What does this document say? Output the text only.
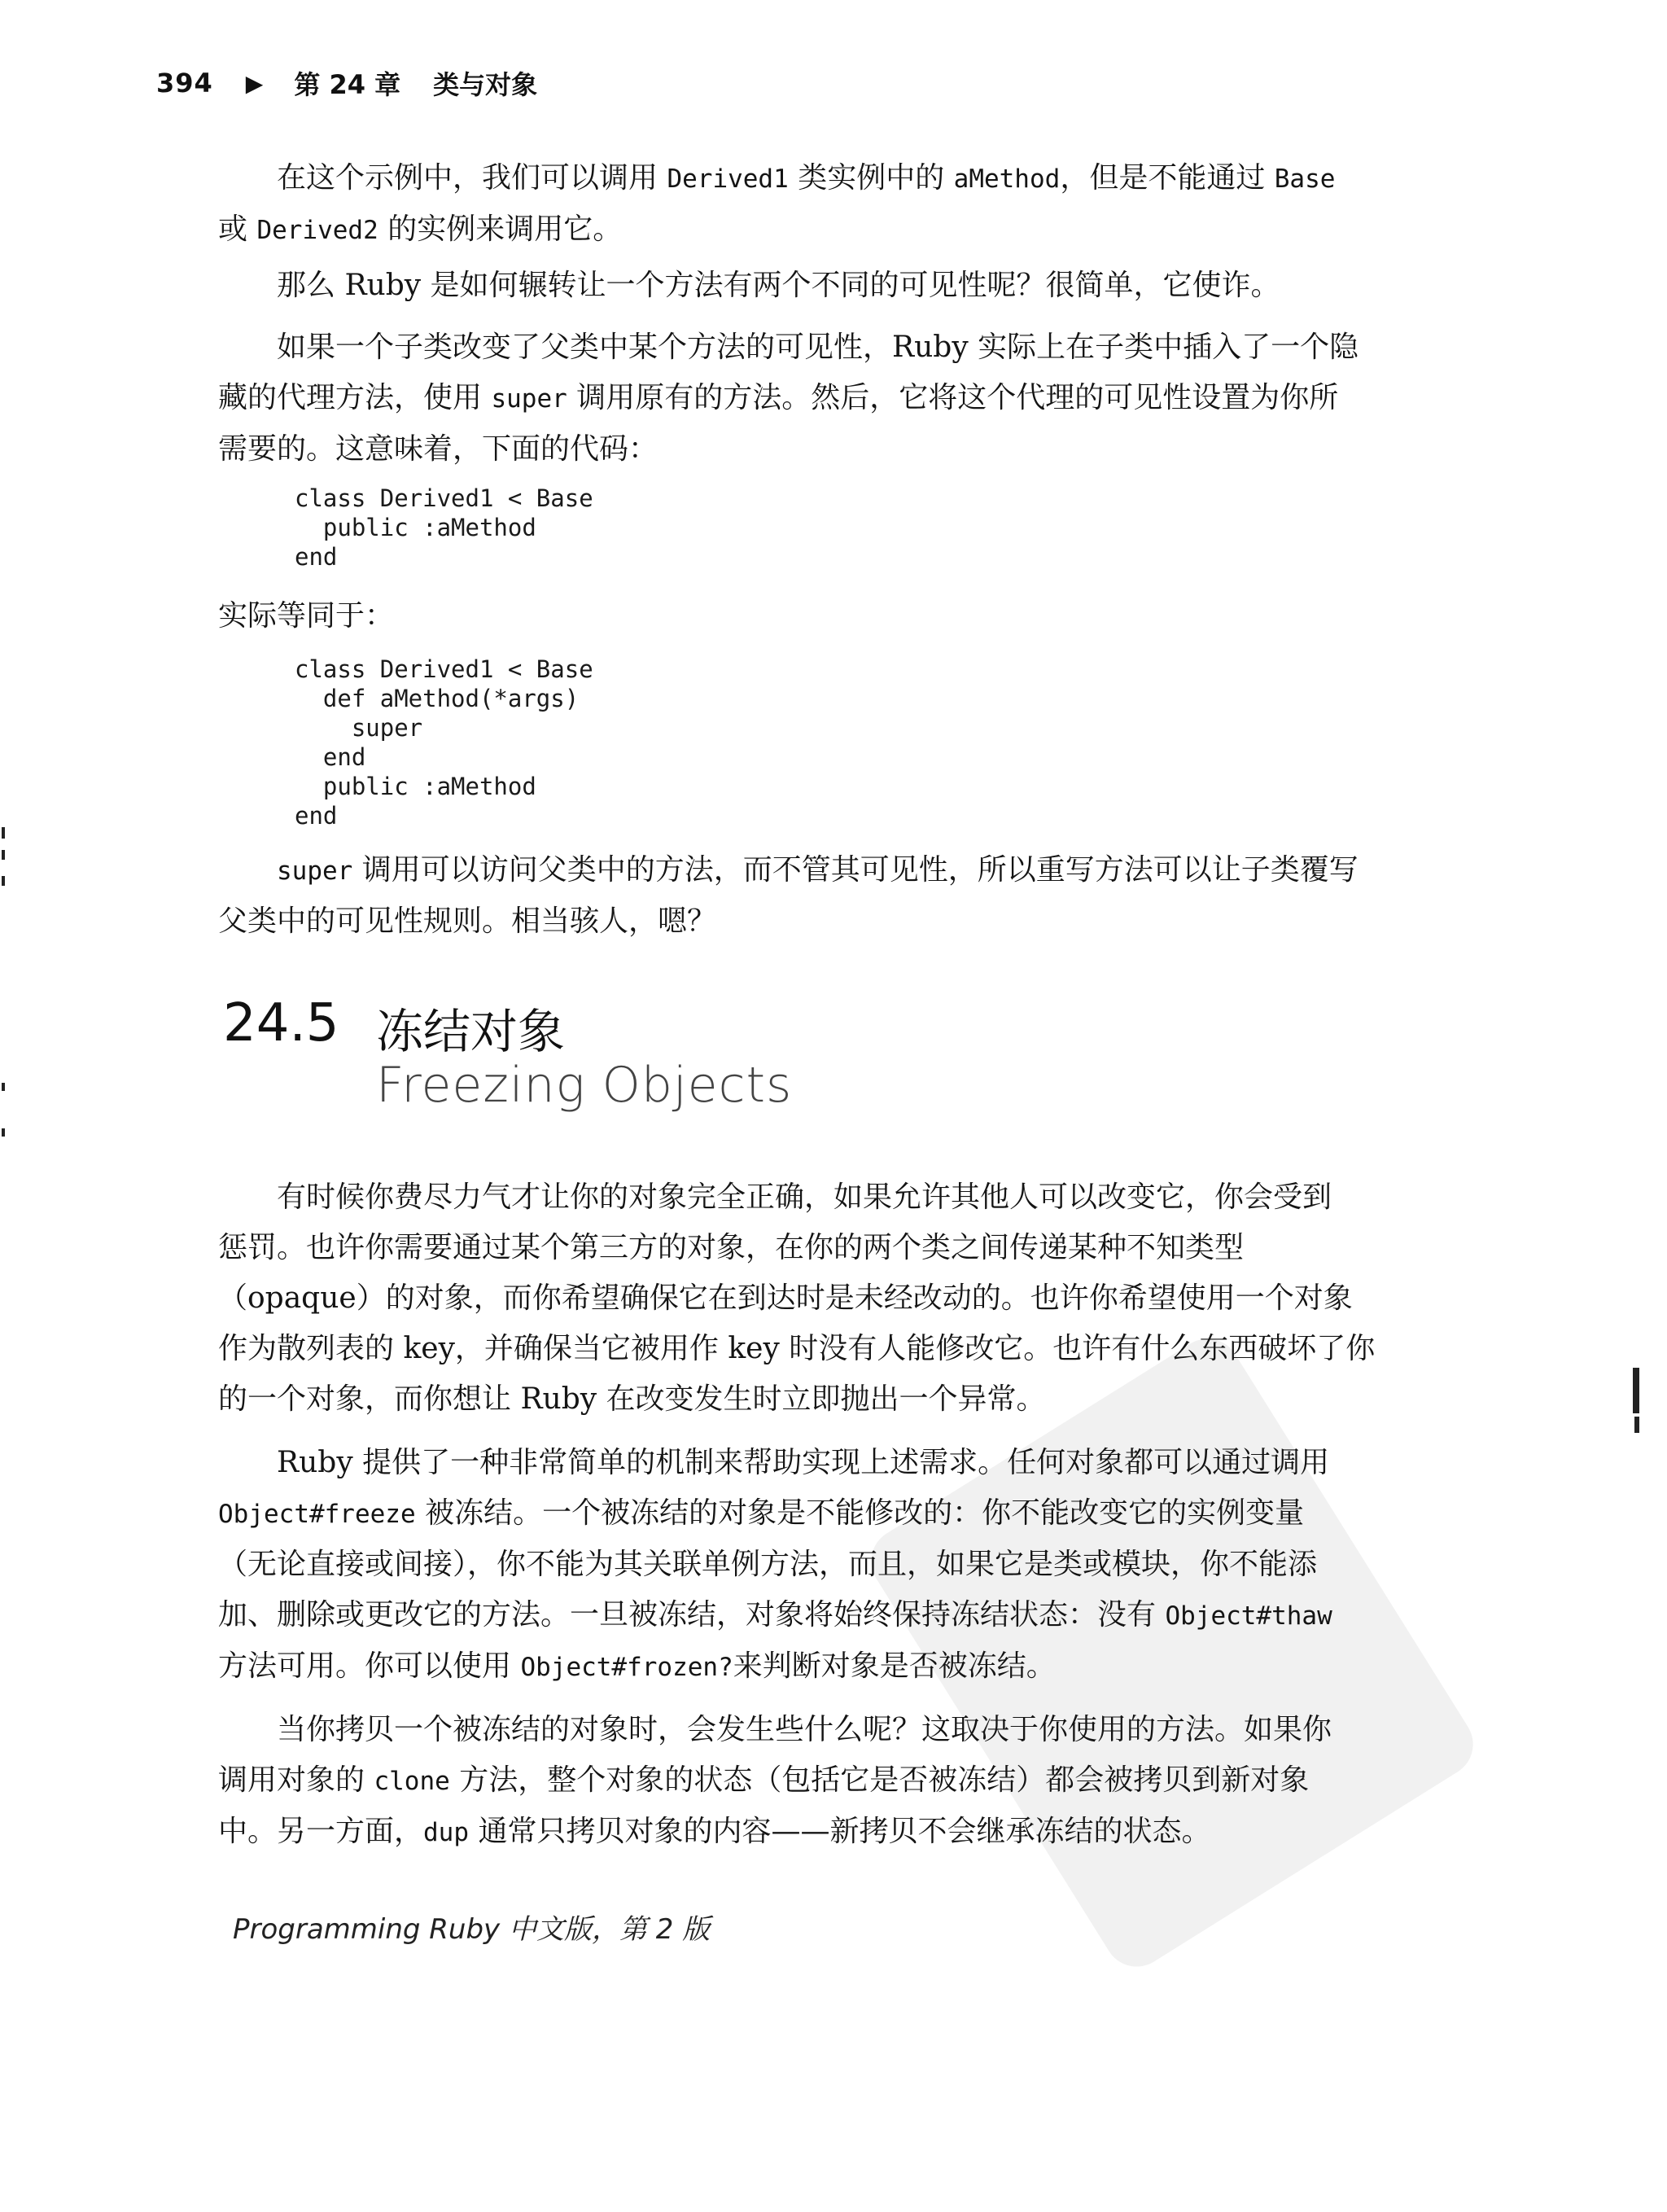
394 ▶ 第 24 章 类与对象
在这个示例中，我们可以调用 Derived1 类实例中的 aMethod，但是不能通过 Base
或 Derived2 的实例来调用它。
那么 Ruby 是如何辗转让一个方法有两个不同的可见性呢？很简单，它使诈。
如果一个子类改变了父类中某个方法的可见性，Ruby 实际上在子类中插入了一个隐
藏的代理方法，使用 super 调用原有的方法。然后，它将这个代理的可见性设置为你所
需要的。这意味着，下面的代码：
class Derived1 < Base
public :aMethod
end
实际等同于：
class Derived1 < Base
def aMethod(*args)
super
end
public :aMethod
end
super 调用可以访问父类中的方法，而不管其可见性，所以重写方法可以让子类覆写
父类中的可见性规则。相当骇人，嗯？
24.5 冻结对象
Freezing Objects
有时候你费尽力气才让你的对象完全正确，如果允许其他人可以改变它，你会受到
惩罚。也许你需要通过某个第三方的对象，在你的两个类之间传递某种不知类型
（opaque）的对象，而你希望确保它在到达时是未经改动的。也许你希望使用一个对象
作为散列表的 key，并确保当它被用作 key 时没有人能修改它。也许有什么东西破坏了你
的一个对象，而你想让 Ruby 在改变发生时立即抛出一个异常。
Ruby 提供了一种非常简单的机制来帮助实现上述需求。任何对象都可以通过调用
Object#freeze 被冻结。一个被冻结的对象是不能修改的：你不能改变它的实例变量
（无论直接或间接），你不能为其关联单例方法，而且，如果它是类或模块，你不能添
加、删除或更改它的方法。一旦被冻结，对象将始终保持冻结状态：没有 Object#thaw
方法可用。你可以使用 Object#frozen?来判断对象是否被冻结。
当你拷贝一个被冻结的对象时，会发生些什么呢？这取决于你使用的方法。如果你
调用对象的 clone 方法，整个对象的状态（包括它是否被冻结）都会被拷贝到新对象
中。另一方面，dup 通常只拷贝对象的内容——新拷贝不会继承冻结的状态。
Programming Ruby 中文版，第 2 版
